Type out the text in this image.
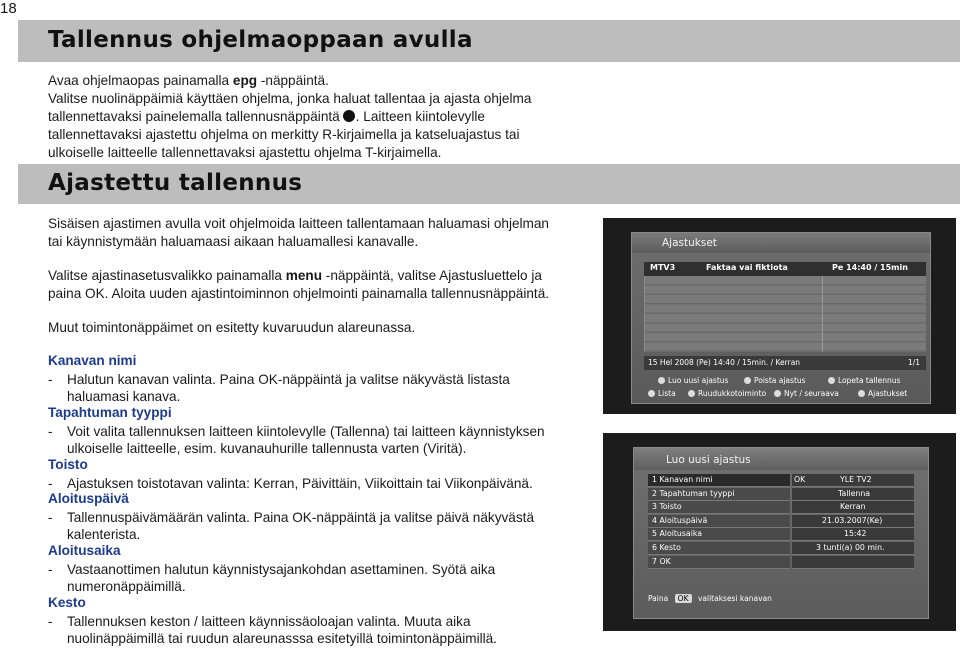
18
Tallennus ohjelmaoppaan avulla
Avaa ohjelmaopas painamalla epg -näppäintä.
Valitse nuolinäppäimiä käyttäen ohjelma, jonka haluat tallentaa ja ajasta ohjelma
tallennettavaksi painelemalla tallennusnäppäintä . Laitteen kiintolevylle
tallennettavaksi ajastettu ohjelma on merkitty R-kirjaimella ja katseluajastus tai
ulkoiselle laitteelle tallennettavaksi ajastettu ohjelma T-kirjaimella.
Ajastettu tallennus
Sisäisen ajastimen avulla voit ohjelmoida laitteen tallentamaan haluamasi ohjelman
tai käynnistymään haluamaasi aikaan haluamallesi kanavalle.
Valitse ajastinasetusvalikko painamalla menu -näppäintä, valitse Ajastusluettelo ja
paina OK. Aloita uuden ajastintoiminnon ohjelmointi painamalla tallennusnäppäintä.
Muut toimintonäppäimet on esitetty kuvaruudun alareunassa.
Kanavan nimi
- Halutun kanavan valinta. Paina OK-näppäintä ja valitse näkyvästä listasta
haluamasi kanava.
Tapahtuman tyyppi
- Voit valita tallennuksen laitteen kiintolevylle (Tallenna) tai laitteen käynnistyksen
ulkoiselle laitteelle, esim. kuvanauhurille tallennusta varten (Viritä).
Toisto
- Ajastuksen toistotavan valinta: Kerran, Päivittäin, Viikoittain tai Viikonpäivänä.
Aloituspäivä
- Tallennuspäivämäärän valinta. Paina OK-näppäintä ja valitse päivä näkyvästä
kalenterista.
Aloitusaika
- Vastaanottimen halutun käynnistysajankohdan asettaminen. Syötä aika
numeronäppäimillä.
Kesto
- Tallennuksen keston / laitteen käynnissäoloajan valinta. Muuta aika
nuolinäppäimillä tai ruudun alareunasssa esitetyillä toimintonäppäimillä.
Ajastukset
MTV3	Faktaa vai fiktiota	Pe 14:40 / 15min
15 Hel 2008 (Pe) 14:40 / 15min. / Kerran	1/1
Luo uusi ajastus	Poista ajastus	Lopeta tallennus
Lista	Ruudukkotoiminto	Nyt / seuraava	Ajastukset
Luo uusi ajastus
1 Kanavan nimi	OK	YLE TV2
2 Tapahtuman tyyppi	Tallenna
3 Toisto	Kerran
4 Aloituspäivä	21.03.2007(Ke)
5 Aloitusaika	15:42
6 Kesto	3 tunti(a) 00 min.
7 OK
Paina OK valitaksesi kanavan
